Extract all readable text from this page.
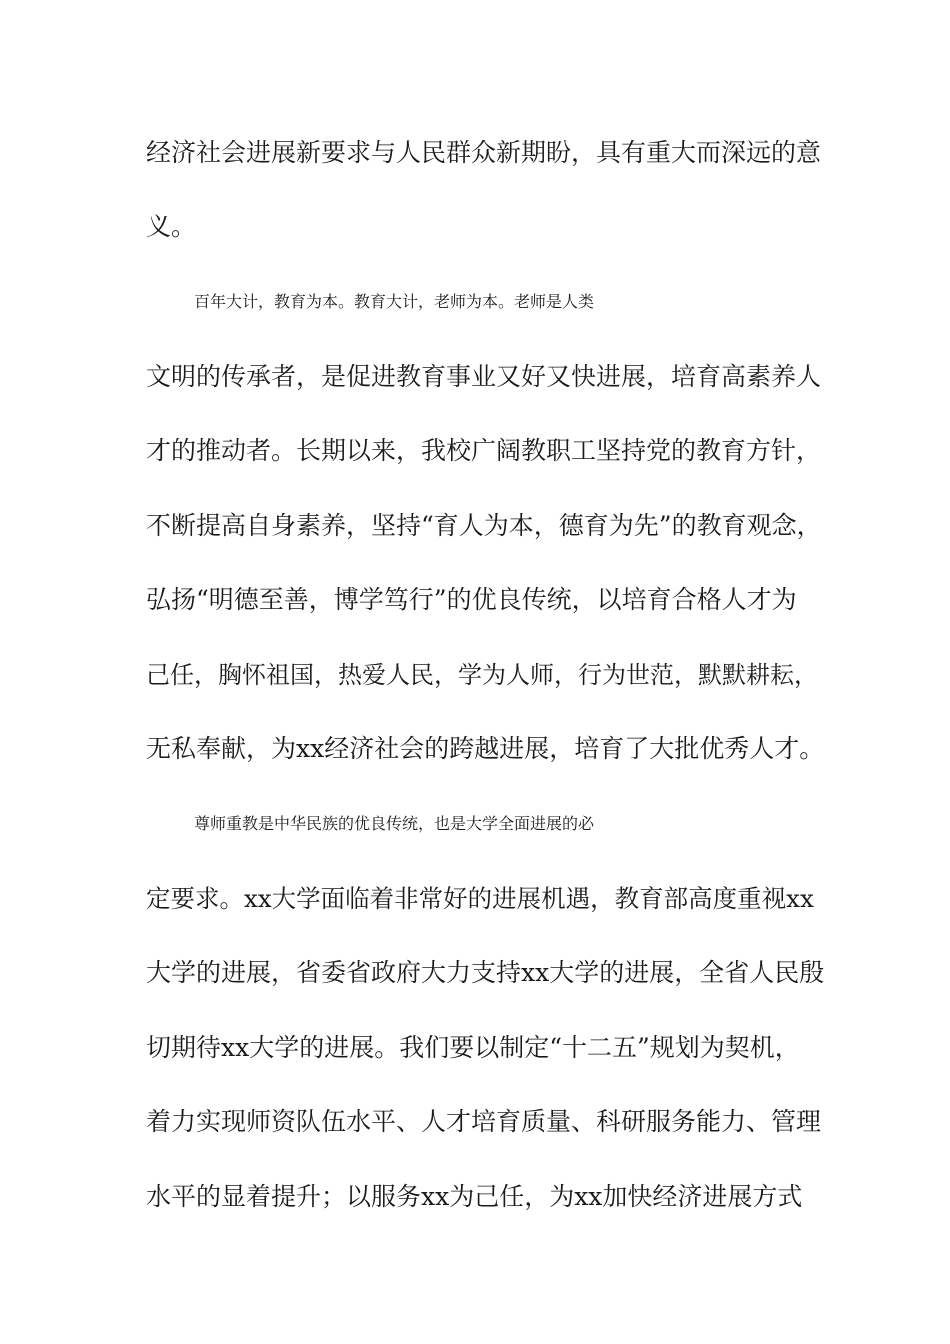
经济社会进展新要求与人民群众新期盼，具有重大而深远的意
义。
百年大计，教育为本。教育大计，老师为本。老师是人类
文明的传承者，是促进教育事业又好又快进展，培育高素养人
才的推动者。长期以来，我校广阔教职工坚持党的教育方针，
不断提高自身素养，坚持“育人为本，德育为先”的教育观念，
弘扬“明德至善，博学笃行”的优良传统，以培育合格人才为
己任，胸怀祖国，热爱人民，学为人师，行为世范，默默耕耘，
无私奉献，为xx经济社会的跨越进展，培育了大批优秀人才。
尊师重教是中华民族的优良传统，也是大学全面进展的必
定要求。xx大学面临着非常好的进展机遇，教育部高度重视xx
大学的进展，省委省政府大力支持xx大学的进展，全省人民殷
切期待xx大学的进展。我们要以制定“十二五”规划为契机，
着力实现师资队伍水平、人才培育质量、科研服务能力、管理
水平的显着提升；以服务xx为己任，为xx加快经济进展方式
